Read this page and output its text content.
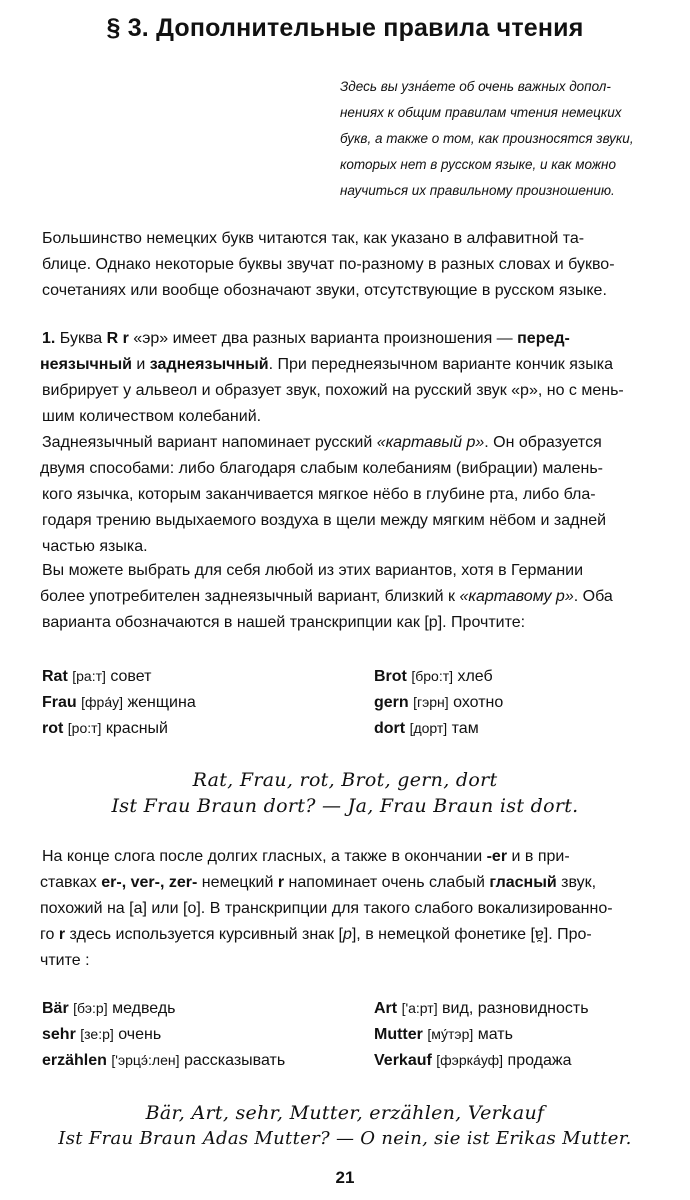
§ 3. Дополнительные правила чтения
Здесь вы узна́ете об очень важных допол-
нениях к общим правилам чтения немецких
букв, а также о том, как произносятся звуки,
которых нет в русском языке, и как можно
научиться их правильному произношению.
Большинство немецких букв читаются так, как указано в алфавитной та-
блице. Однако некоторые буквы звучат по-разному в разных словах и букво-
сочетаниях или вообще обозначают звуки, отсутствующие в русском языке.
1. Буква R r «эр» имеет два разных варианта произношения — перед-
неязычный и заднеязычный. При переднеязычном варианте кончик языка
вибрирует у альвеол и образует звук, похожий на русский звук «р», но с мень-
шим количеством колебаний.
Заднеязычный вариант напоминает русский «картавый р». Он образуется
двумя способами: либо благодаря слабым колебаниям (вибрации) малень-
кого язычка, которым заканчивается мягкое нёбо в глубине рта, либо бла-
годаря трению выдыхаемого воздуха в щели между мягким нёбом и задней
частью языка.
Вы можете выбрать для себя любой из этих вариантов, хотя в Германии
более употребителен заднеязычный вариант, близкий к «картавому р». Оба
варианта обозначаются в нашей транскрипции как [р]. Прочтите:
Rat [ра:т] совет	Brot [бро:т] хлеб
Frau [фра́у] женщина	gern [гэрн] охотно
rot [ро:т] красный	dort [дорт] там
Rat, Frau, rot, Brot, gern, dort
Ist Frau Braun dort? — Ja, Frau Braun ist dort.
На конце слога после долгих гласных, а также в окончании -er и в при-
ставках er-, ver-, zer- немецкий r напоминает очень слабый гласный звук,
похожий на [а] или [о]. В транскрипции для такого слабого вокализированно-
го r здесь используется курсивный знак [р], в немецкой фонетике [ɐ̯]. Про-
чтите :
Bär [бэ:р] медведь	Art ['а:рт] вид, разновидность
sehr [зе:р] очень	Mutter [му́тэр] мать
erzählen ['эрцэ́:лен] рассказывать	Verkauf [фэрка́уф] продажа
Bär, Art, sehr, Mutter, erzählen, Verkauf
Ist Frau Braun Adas Mutter? — O nein, sie ist Erikas Mutter.
21
